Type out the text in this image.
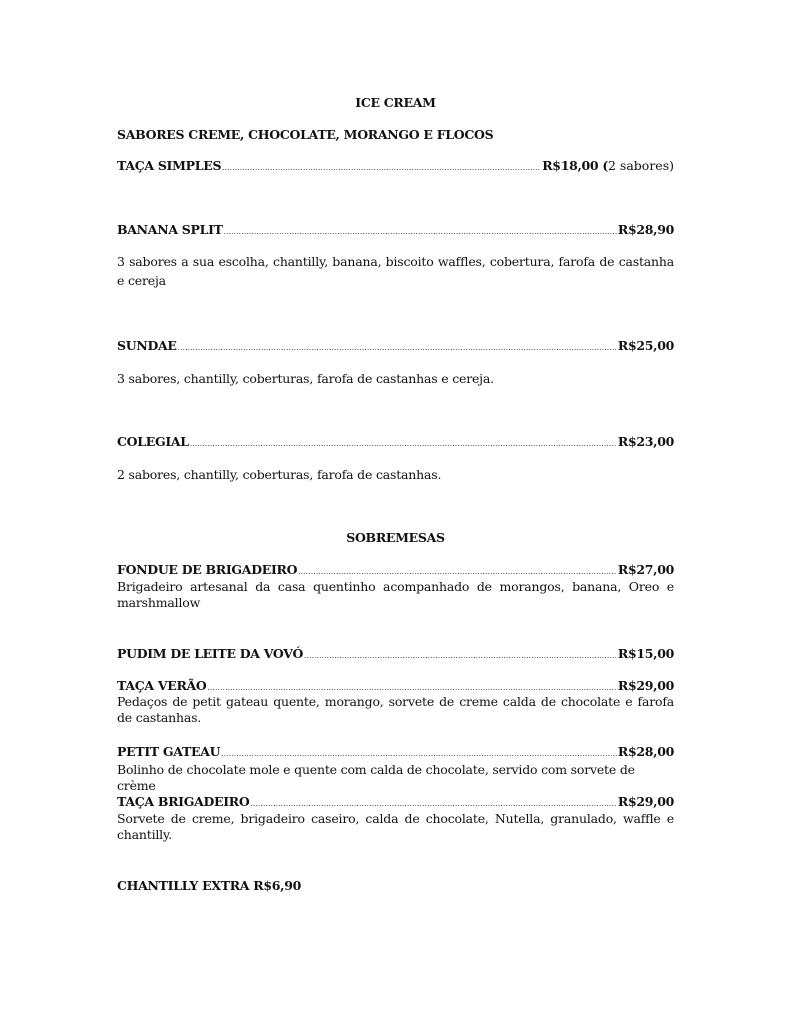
ICE CREAM
SABORES CREME, CHOCOLATE, MORANGO E FLOCOS
TAÇA SIMPLES .....	R$18,00 ( 2 sabores)
BANANA SPLIT .....	R$28,90
3 sabores a sua escolha, chantilly, banana, biscoito waffles, cobertura, farofa de castanha e cereja
SUNDAE .....	R$25,00
3 sabores, chantilly, coberturas, farofa de castanhas e cereja.
COLEGIAL .....	R$23,00
2 sabores, chantilly, coberturas, farofa de castanhas.
SOBREMESAS
FONDUE DE BRIGADEIRO .....	R$27,00
Brigadeiro artesanal da casa quentinho acompanhado de morangos, banana, Oreo e marshmallow
PUDIM DE LEITE DA VOVÓ .....	R$15,00
TAÇA VERÃO .....	R$29,00
Pedaços de petit gateau quente, morango, sorvete de creme calda de chocolate e farofa de castanhas.
PETIT GATEAU .....	R$28,00
Bolinho de chocolate mole e quente com calda de chocolate, servido com sorvete de crème
TAÇA BRIGADEIRO .....	R$29,00
Sorvete de creme, brigadeiro caseiro, calda de chocolate, Nutella, granulado, waffle e chantilly.
CHANTILLY EXTRA R$6,90
